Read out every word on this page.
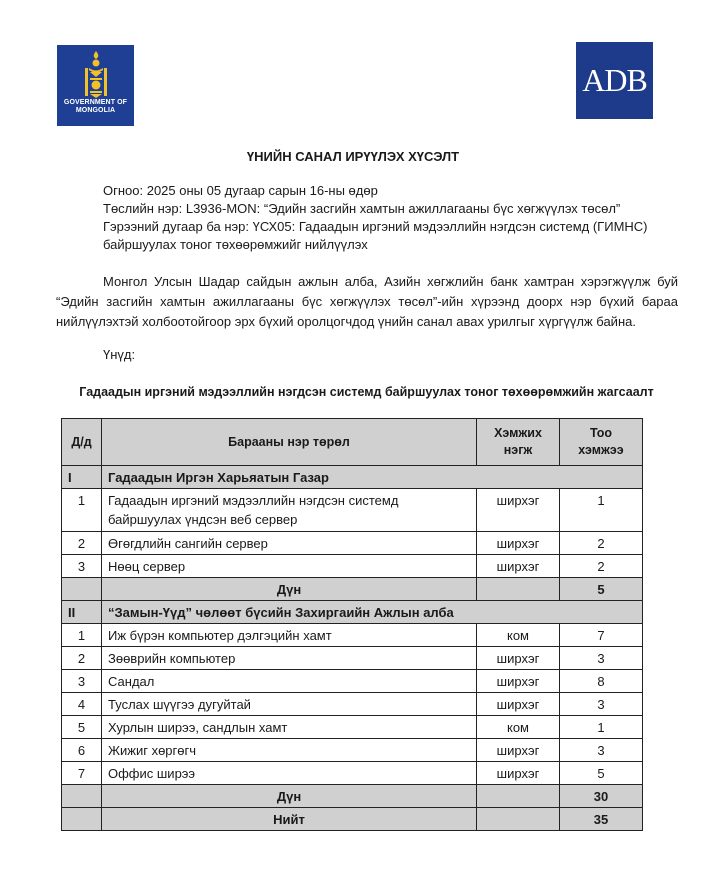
GOVERNMENT OF
MONGOLIA
ADB
ҮНИЙН САНАЛ ИРҮҮЛЭХ ХҮСЭЛТ
Огноо: 2025 оны 05 дугаар сарын 16-ны өдөр
Төслийн нэр: L3936-MON: “Эдийн засгийн хамтын ажиллагааны бүс хөгжүүлэх төсөл”
Гэрээний дугаар ба нэр: ҮСХ05: Гадаадын иргэний мэдээллийн нэгдсэн системд (ГИМНС)
байршуулах тоног төхөөрөмжийг нийлүүлэх
Монгол Улсын Шадар сайдын ажлын алба, Азийн хөгжлийн банк хамтран хэрэгжүүлж буй “Эдийн засгийн хамтын ажиллагааны бүс хөгжүүлэх төсөл”-ийн хүрээнд доорх нэр бүхий бараа нийлүүлэхтэй холбоотойгоор эрх бүхий оролцогчдод үнийн санал авах урилгыг хүргүүлж байна.
Үнүд:
Гадаадын иргэний мэдээллийн нэгдсэн системд байршуулах тоног төхөөрөмжийн жагсаалт
Д/д	Барааны нэр төрөл	Хэмжих нэгж	Тоо хэмжээ
I	Гадаадын Иргэн Харьяатын Газар		
1	Гадаадын иргэний мэдээллийн нэгдсэн системд байршуулах үндсэн веб сервер	ширхэг	1
2	Өгөгдлийн сангийн сервер	ширхэг	2
3	Нөөц сервер	ширхэг	2
	Дүн		5
II	“Замын-Үүд” чөлөөт бүсийн Захиргаийн Ажлын алба		
1	Иж бүрэн компьютер дэлгэцийн хамт	ком	7
2	Зөөврийн компьютер	ширхэг	3
3	Сандал	ширхэг	8
4	Туслах шүүгээ дугуйтай	ширхэг	3
5	Хурлын ширээ, сандлын хамт	ком	1
6	Жижиг хөргөгч	ширхэг	3
7	Оффис ширээ	ширхэг	5
	Дүн		30
	Нийт		35
